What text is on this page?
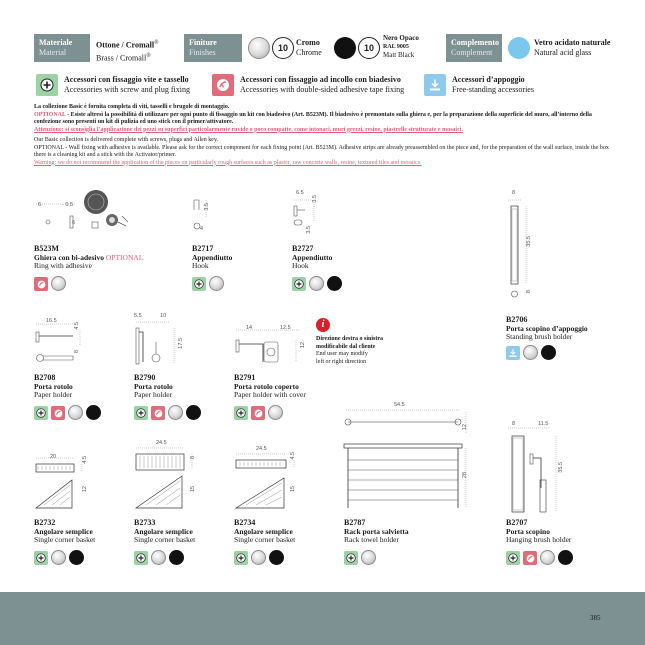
Materiale
Material
Ottone / Cromall®
Brass / Cromall®
Finiture
Finishes	10
Cromo
Chrome	10
Nero Opaco
RAL 9005
Matt Black
Complemento
Complement
Vetro acidato naturale
Natural acid glass
Accessori con fissaggio vite e tassello
Accessories with screw and plug fixing
Accessori con fissaggio ad incollo con biadesivo
Accessories with double-sided adhesive tape fixing
Accessori d’appoggio
Free-standing accessories
La collezione Basic è fornita completa di viti, tasselli e brugole di montaggio.
OPTIONAL - Esiste altresì la possibilità di utilizzare per ogni punto di fissaggio un kit con biadesivo (Art. B523M). Il biadesivo è premontato sulla ghiera e, per la preparazione della superficie del muro, all’interno della confezione sono presenti un kit di pulizia ed uno stick con il primer/attivatore.
Attenzione: si sconsiglia l’applicazione dei pezzi su superfici particolarmente ruvide o poco compatte, come intonaci, muri grezzi, resine, piastrelle strutturate e mosaici.
Our Basic collection is delivered complete with screws, plugs and Allen key.
OPTIONAL - Wall fixing with adhesive is available. Please ask for the correct component for each fixing point (Art. B523M). Adhesive strips are already preassembled on the piece and, for the preparation of the wall surface, inside the box there is a cleaning kit and a stick with the Activator/primer.
Warning: we do not recommend the application of the pieces on particularly rough surfaces such as plaster, raw concrete walls, resine, textured tiles and mosaics.
6	- 0.5
6
4
3.5
6.5
3.5
3.5
8
35.5
8
B523M
Ghiera con bi-adesivo OPTIONAL
Ring with adhesive
B2717
Appendiutto
Hook
B2727
Appendiutto
Hook
B2706
Porta scopino d’appoggio
Standing brush holder
16.5
4.5
8
5.5	10
17.5
14	12.5
12
i
Direzione destra o sinistra
modificabile dal cliente
End user may modify
left or right direction
B2708
Porta rotolo
Paper holder
B2790
Porta rotolo
Paper holder
B2791
Porta rotolo coperto
Paper holder with cover
20	4.5
12
24.5
8
15
24.5
4.5
15
54.5
12
28
8	11.5
35.5
B2732
Angolare semplice
Single corner basket
B2733
Angolare semplice
Single corner basket
B2734
Angolare semplice
Single corner basket
B2787
Rack porta salvietta
Rack towel holder
B2707
Porta scopino
Hanging brush holder
385
